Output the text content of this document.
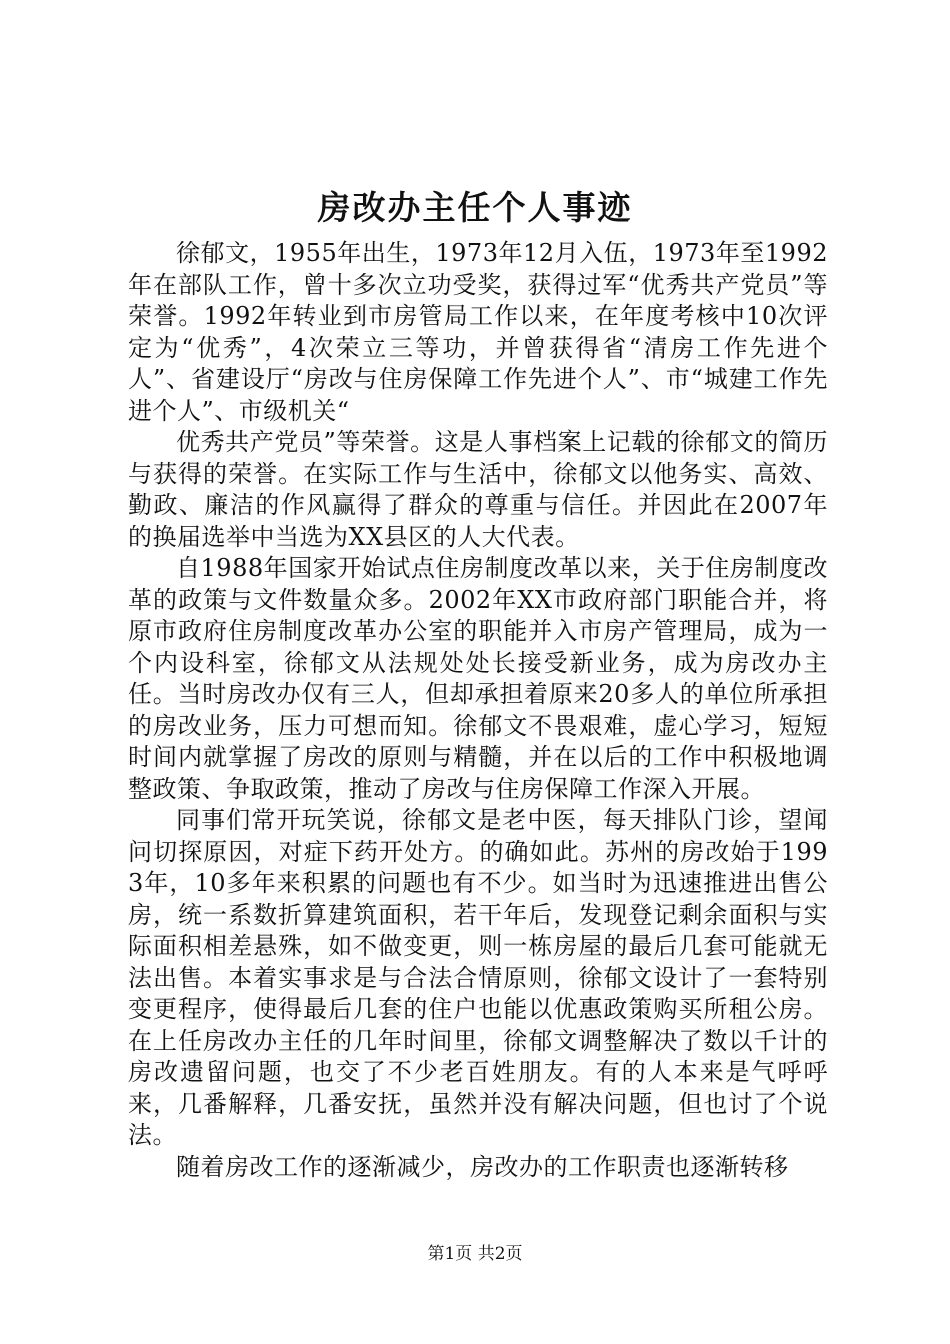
房改办主任个人事迹

徐郁文，1955年出生，1973年12月入伍，1973年至1992年在部队工作，曾十多次立功受奖，获得过军“优秀共产党员”等荣誉。1992年转业到市房管局工作以来，在年度考核中10次评定为“优秀”，4次荣立三等功，并曾获得省“清房工作先进个人”、省建设厅“房改与住房保障工作先进个人”、市“城建工作先进个人”、市级机关“

优秀共产党员”等荣誉。这是人事档案上记载的徐郁文的简历与获得的荣誉。在实际工作与生活中，徐郁文以他务实、高效、勤政、廉洁的作风赢得了群众的尊重与信任。并因此在2007年的换届选举中当选为XX县区的人大代表。

自1988年国家开始试点住房制度改革以来，关于住房制度改革的政策与文件数量众多。2002年XX市政府部门职能合并，将原市政府住房制度改革办公室的职能并入市房产管理局，成为一个内设科室，徐郁文从法规处处长接受新业务，成为房改办主任。当时房改办仅有三人，但却承担着原来20多人的单位所承担的房改业务，压力可想而知。徐郁文不畏艰难，虚心学习，短短时间内就掌握了房改的原则与精髓，并在以后的工作中积极地调整政策、争取政策，推动了房改与住房保障工作深入开展。

同事们常开玩笑说，徐郁文是老中医，每天排队门诊，望闻问切探原因，对症下药开处方。的确如此。苏州的房改始于1993年，10多年来积累的问题也有不少。如当时为迅速推进出售公房，统一系数折算建筑面积，若干年后，发现登记剩余面积与实际面积相差悬殊，如不做变更，则一栋房屋的最后几套可能就无法出售。本着实事求是与合法合情原则，徐郁文设计了一套特别变更程序，使得最后几套的住户也能以优惠政策购买所租公房。在上任房改办主任的几年时间里，徐郁文调整解决了数以千计的房改遗留问题，也交了不少老百姓朋友。有的人本来是气呼呼来，几番解释，几番安抚，虽然并没有解决问题，但也讨了个说法。

随着房改工作的逐渐减少，房改办的工作职责也逐渐转移

第1页 共2页
